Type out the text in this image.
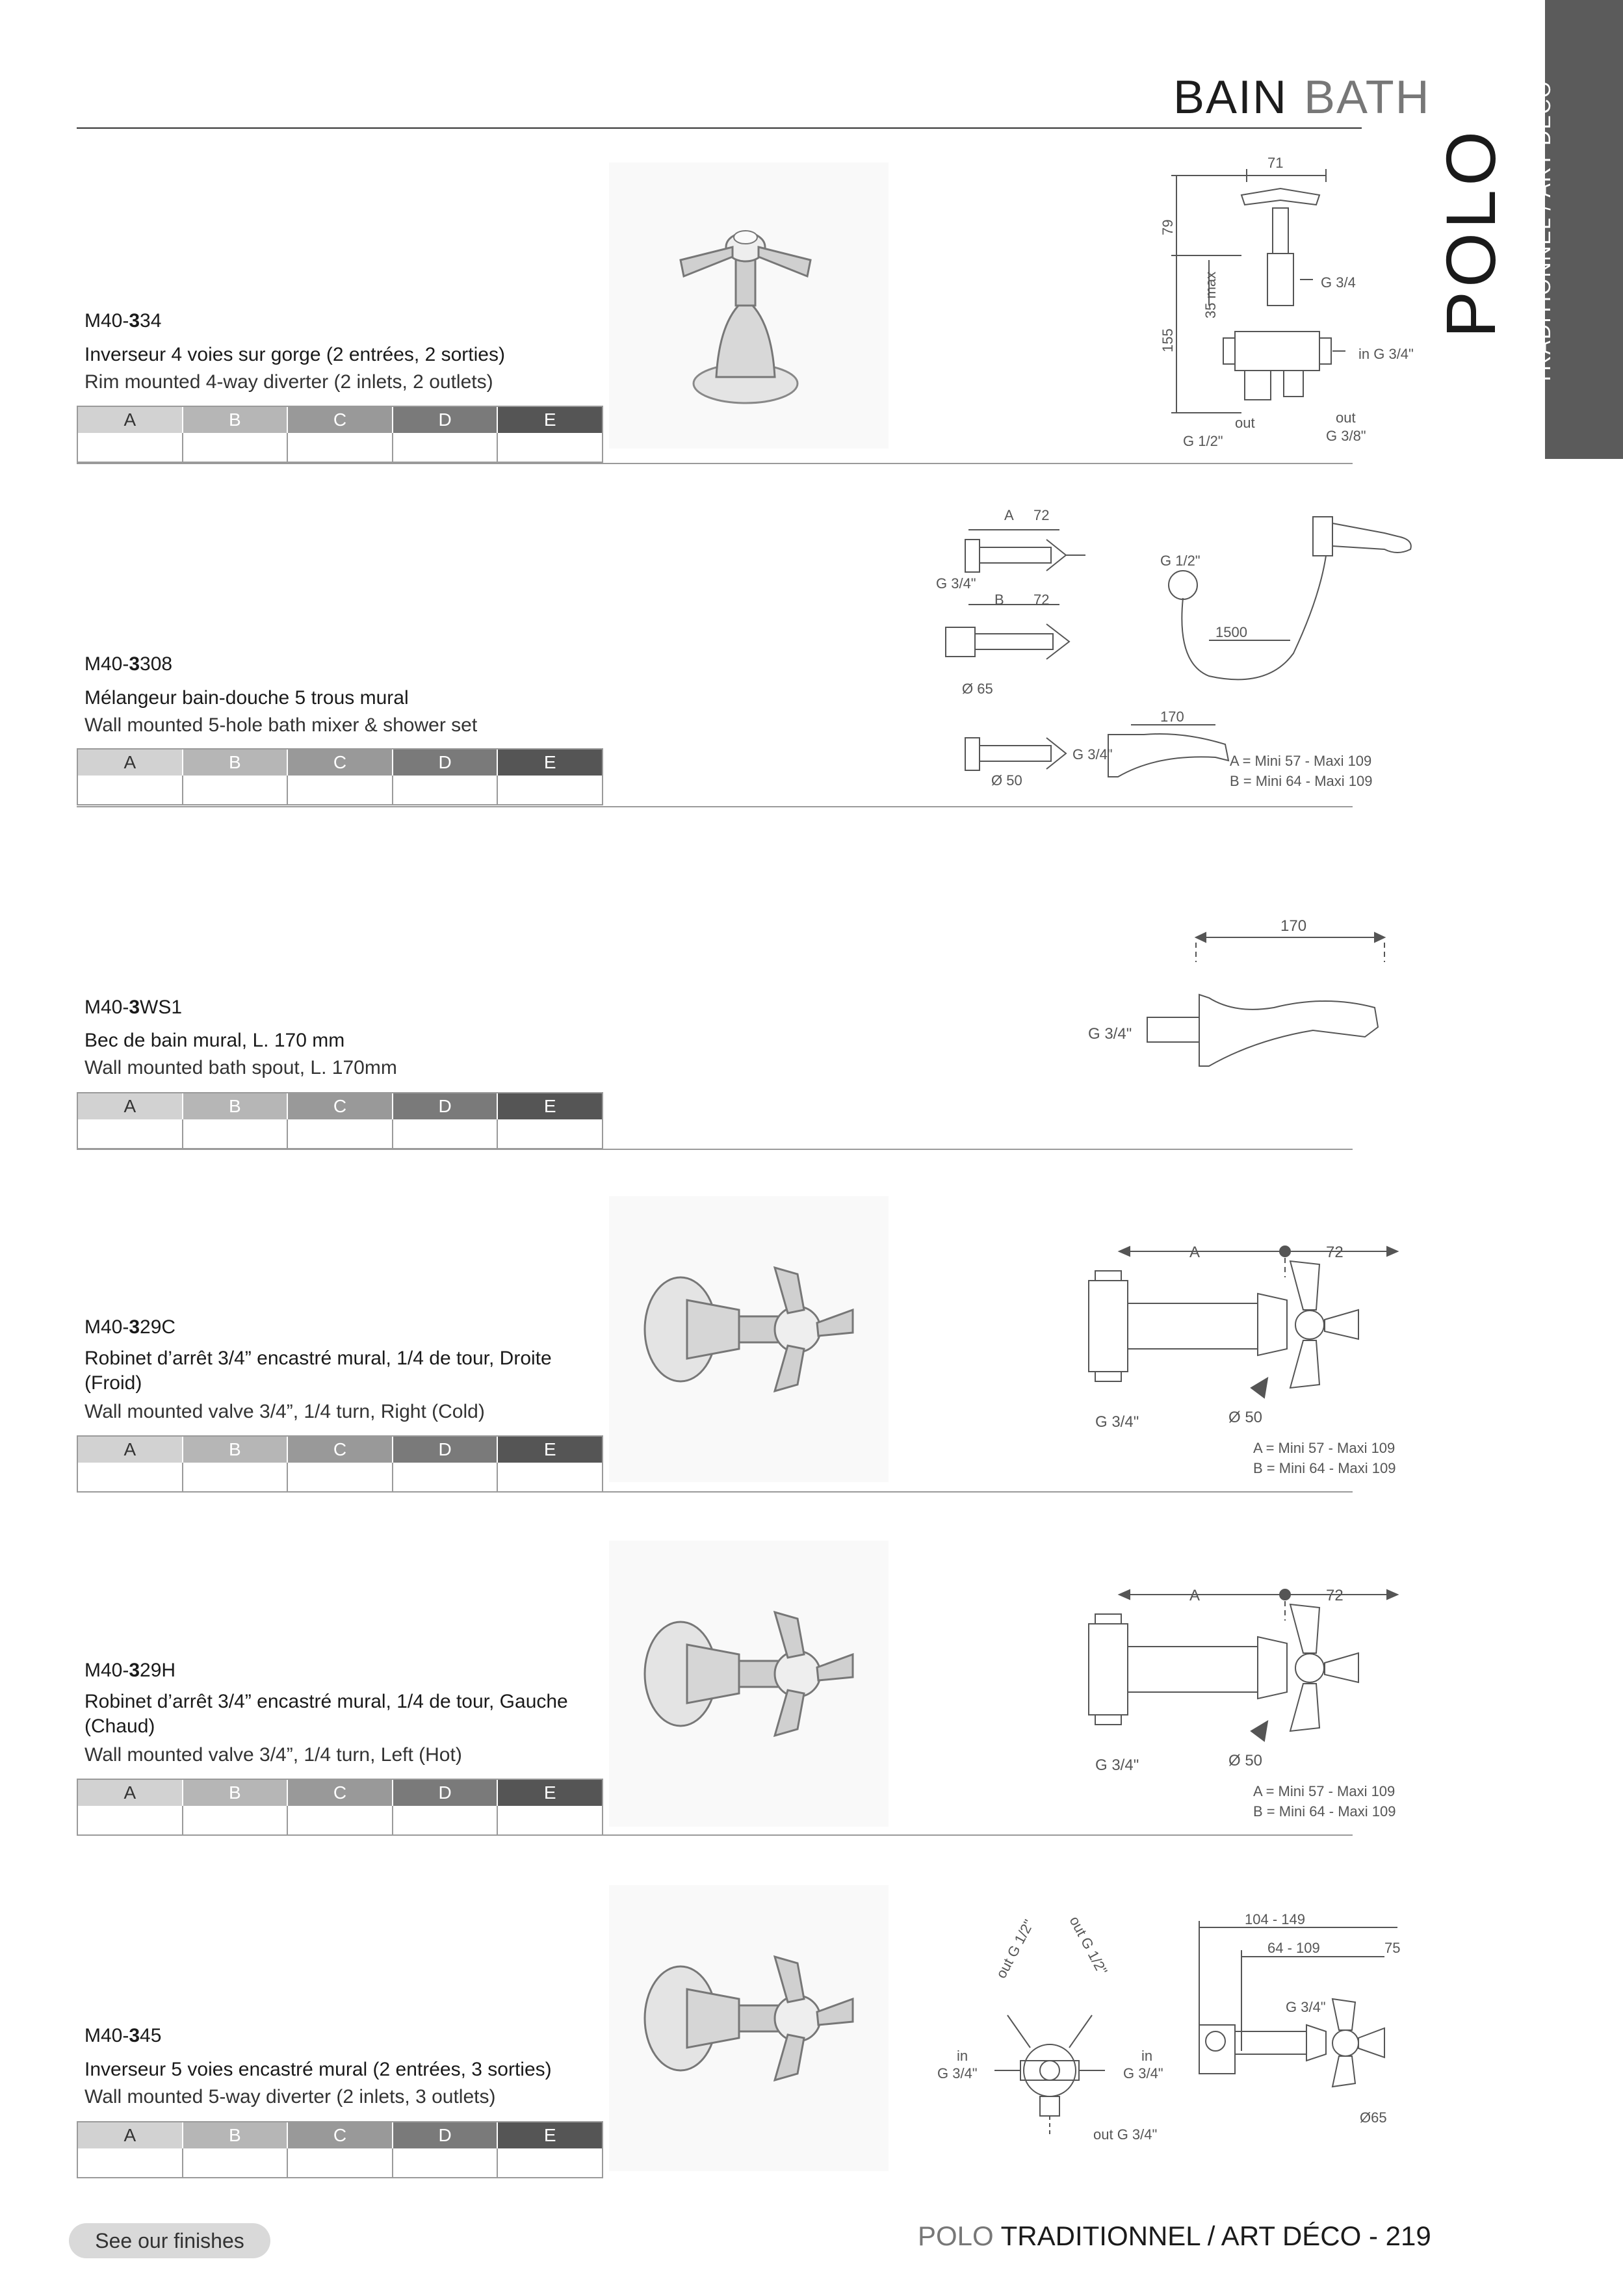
BAIN BATH	TRADITIONNEL / ART DÉCO
POLO
M40-334
Inverseur 4 voies sur gorge (2 entrées, 2 sorties)
Rim mounted 4-way diverter (2 inlets, 2 outlets)
A	B	C	D	E
71
79
155
35 max	G 3/4
in G 3/4"
out
G 1/2"
out
G 3/8"
M40-3308
Mélangeur bain-douche 5 trous mural
Wall mounted 5-hole bath mixer & shower set
A	B	C	D	E
A 72
G 3/4"
B 72
Ø 65
Ø 50
G 1/2"
1500
170
G 3/4"	A = Mini 57 - Maxi 109
B = Mini 64 - Maxi 109
M40-3WS1
Bec de bain mural, L. 170 mm
Wall mounted bath spout, L. 170mm
A	B	C	D	E
170
G 3/4"
M40-329C
Robinet d’arrêt 3/4” encastré mural, 1/4 de tour, Droite (Froid)
Wall mounted valve 3/4”, 1/4 turn, Right (Cold)
A	B	C	D	E
A	72
G 3/4"	Ø 50
A = Mini 57 - Maxi 109
B = Mini 64 - Maxi 109
M40-329H
Robinet d’arrêt 3/4” encastré mural, 1/4 de tour, Gauche (Chaud)
Wall mounted valve 3/4”, 1/4 turn, Left (Hot)
A	B	C	D	E
A	72
G 3/4"	Ø 50
A = Mini 57 - Maxi 109
B = Mini 64 - Maxi 109
M40-345
Inverseur 5 voies encastré mural (2 entrées, 3 sorties)
Wall mounted 5-way diverter (2 inlets, 3 outlets)
A	B	C	D	E
out G 1/2" out G 1/2"
in
G 3/4"
in
G 3/4"
out G 3/4"
104 - 149
64 - 109	75
G 3/4"
Ø65
See our finishes	POLO TRADITIONNEL / ART DÉCO - 219
